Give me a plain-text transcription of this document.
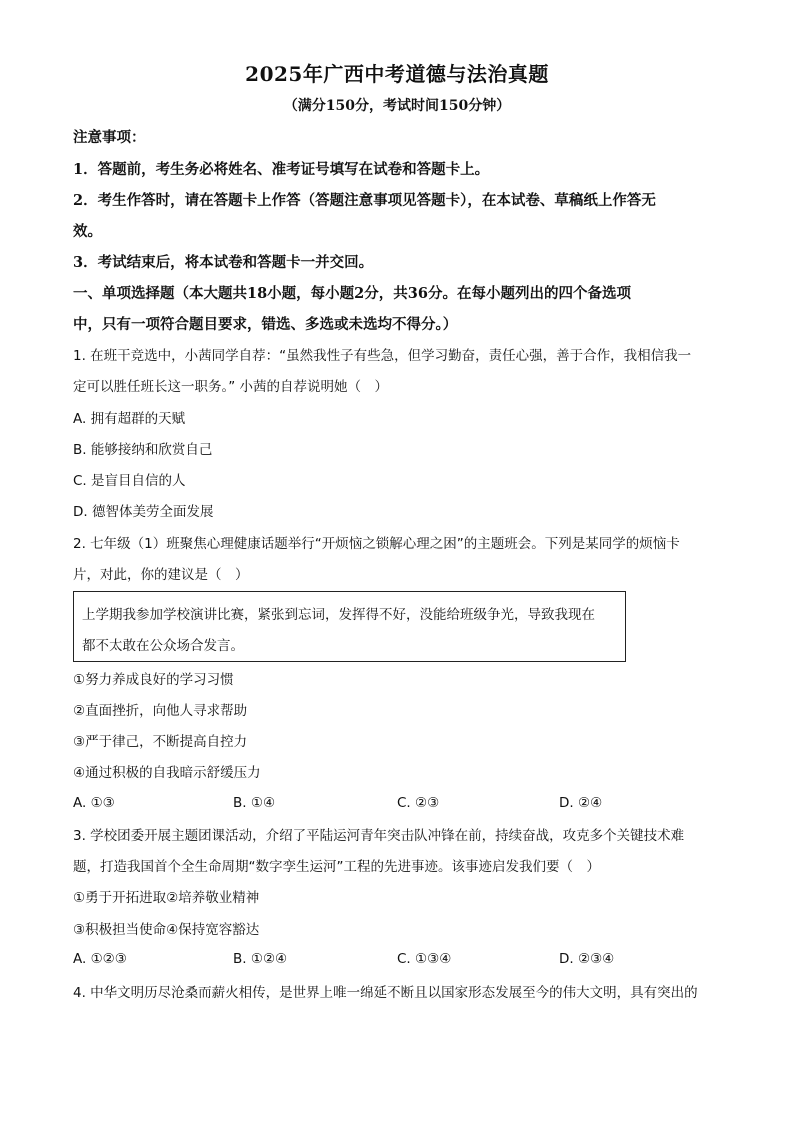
2025年广西中考道德与法治真题
（满分150分，考试时间150分钟）
注意事项：
1．答题前，考生务必将姓名、准考证号填写在试卷和答题卡上。
2．考生作答时，请在答题卡上作答（答题注意事项见答题卡），在本试卷、草稿纸上作答无
效。
3．考试结束后，将本试卷和答题卡一并交回。
一、单项选择题（本大题共18小题，每小题2分，共36分。在每小题列出的四个备选项
中，只有一项符合题目要求，错选、多选或未选均不得分。）
1. 在班干竞选中，小茜同学自荐：“虽然我性子有些急，但学习勤奋，责任心强，善于合作，我相信我一
定可以胜任班长这一职务。” 小茜的自荐说明她（　）
A. 拥有超群的天赋
B. 能够接纳和欣赏自己
C. 是盲目自信的人
D. 德智体美劳全面发展
2. 七年级（1）班聚焦心理健康话题举行“开烦恼之锁解心理之困”的主题班会。下列是某同学的烦恼卡
片，对此，你的建议是（　）
上学期我参加学校演讲比赛，紧张到忘词，发挥得不好，没能给班级争光，导致我现在
都不太敢在公众场合发言。
①努力养成良好的学习习惯
②直面挫折，向他人寻求帮助
③严于律己，不断提高自控力
④通过积极的自我暗示舒缓压力
A. ①③	B. ①④	C. ②③	D. ②④
3. 学校团委开展主题团课活动，介绍了平陆运河青年突击队冲锋在前，持续奋战，攻克多个关键技术难
题，打造我国首个全生命周期“数字孪生运河”工程的先进事迹。该事迹启发我们要（　）
①勇于开拓进取②培养敬业精神
③积极担当使命④保持宽容豁达
A. ①②③	B. ①②④	C. ①③④	D. ②③④
4. 中华文明历尽沧桑而薪火相传，是世界上唯一绵延不断且以国家形态发展至今的伟大文明，具有突出的
